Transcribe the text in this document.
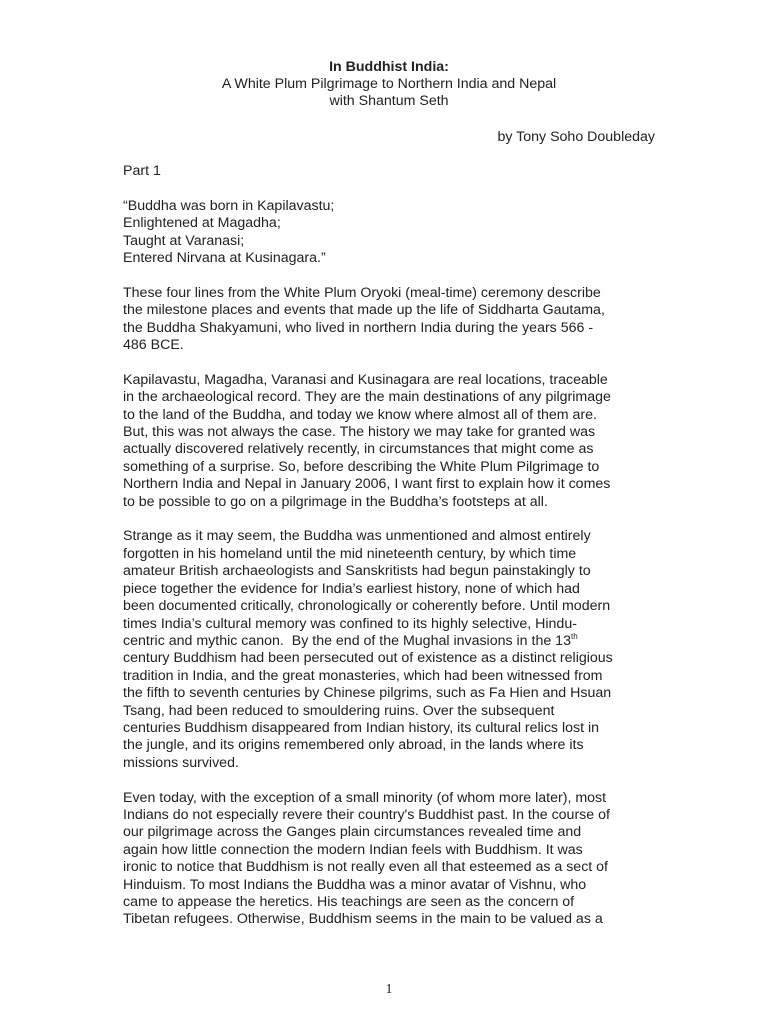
In Buddhist India:
A White Plum Pilgrimage to Northern India and Nepal
with Shantum Seth
by Tony Soho Doubleday
Part 1
“Buddha was born in Kapilavastu;
Enlightened at Magadha;
Taught at Varanasi;
Entered Nirvana at Kusinagara.”
These four lines from the White Plum Oryoki (meal-time) ceremony describe
the milestone places and events that made up the life of Siddharta Gautama,
the Buddha Shakyamuni, who lived in northern India during the years 566 -
486 BCE.
Kapilavastu, Magadha, Varanasi and Kusinagara are real locations, traceable
in the archaeological record. They are the main destinations of any pilgrimage
to the land of the Buddha, and today we know where almost all of them are.
But, this was not always the case. The history we may take for granted was
actually discovered relatively recently, in circumstances that might come as
something of a surprise. So, before describing the White Plum Pilgrimage to
Northern India and Nepal in January 2006, I want first to explain how it comes
to be possible to go on a pilgrimage in the Buddha’s footsteps at all.
Strange as it may seem, the Buddha was unmentioned and almost entirely
forgotten in his homeland until the mid nineteenth century, by which time
amateur British archaeologists and Sanskritists had begun painstakingly to
piece together the evidence for India’s earliest history, none of which had
been documented critically, chronologically or coherently before. Until modern
times India’s cultural memory was confined to its highly selective, Hindu-
centric and mythic canon.  By the end of the Mughal invasions in the 13th
century Buddhism had been persecuted out of existence as a distinct religious
tradition in India, and the great monasteries, which had been witnessed from
the fifth to seventh centuries by Chinese pilgrims, such as Fa Hien and Hsuan
Tsang, had been reduced to smouldering ruins. Over the subsequent
centuries Buddhism disappeared from Indian history, its cultural relics lost in
the jungle, and its origins remembered only abroad, in the lands where its
missions survived.
Even today, with the exception of a small minority (of whom more later), most
Indians do not especially revere their country's Buddhist past. In the course of
our pilgrimage across the Ganges plain circumstances revealed time and
again how little connection the modern Indian feels with Buddhism. It was
ironic to notice that Buddhism is not really even all that esteemed as a sect of
Hinduism. To most Indians the Buddha was a minor avatar of Vishnu, who
came to appease the heretics. His teachings are seen as the concern of
Tibetan refugees. Otherwise, Buddhism seems in the main to be valued as a
1
